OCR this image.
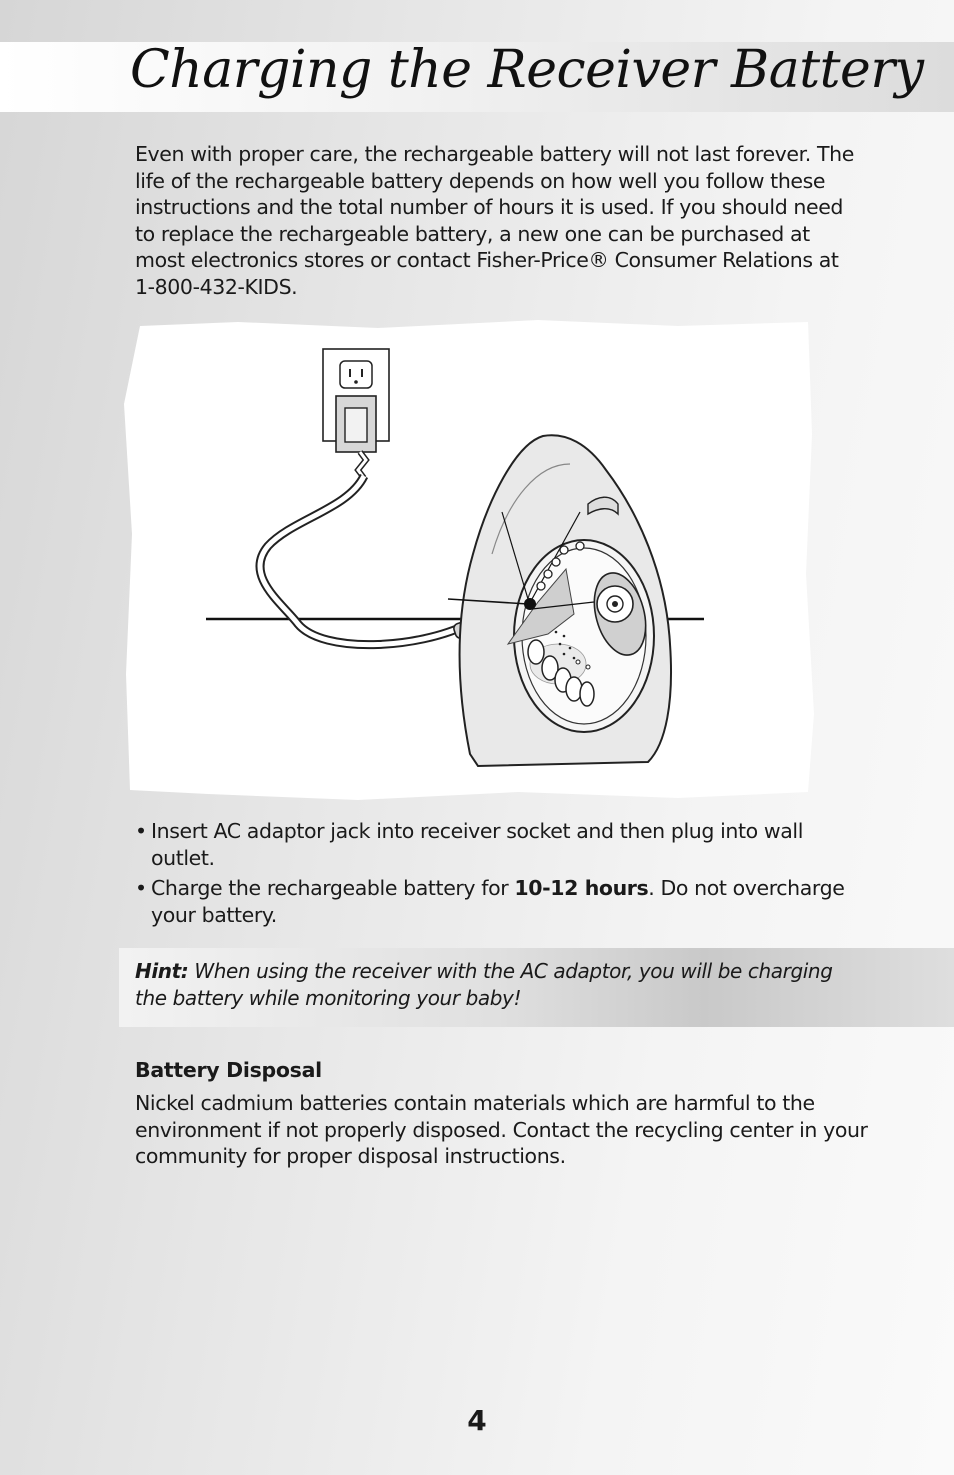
Charging the Receiver Battery

Even with proper care, the rechargeable battery will not last forever. The life of the rechargeable battery depends on how well you follow these instructions and the total number of hours it is used. If you should need to replace the rechargeable battery, a new one can be purchased at most electronics stores or contact Fisher-Price® Consumer Relations at 1-800-432-KIDS.

• Insert AC adaptor jack into receiver socket and then plug into wall outlet.
• Charge the rechargeable battery for 10-12 hours. Do not overcharge your battery.

Hint: When using the receiver with the AC adaptor, you will be charging the battery while monitoring your baby!

Battery Disposal

Nickel cadmium batteries contain materials which are harmful to the environment if not properly disposed. Contact the recycling center in your community for proper disposal instructions.

4
